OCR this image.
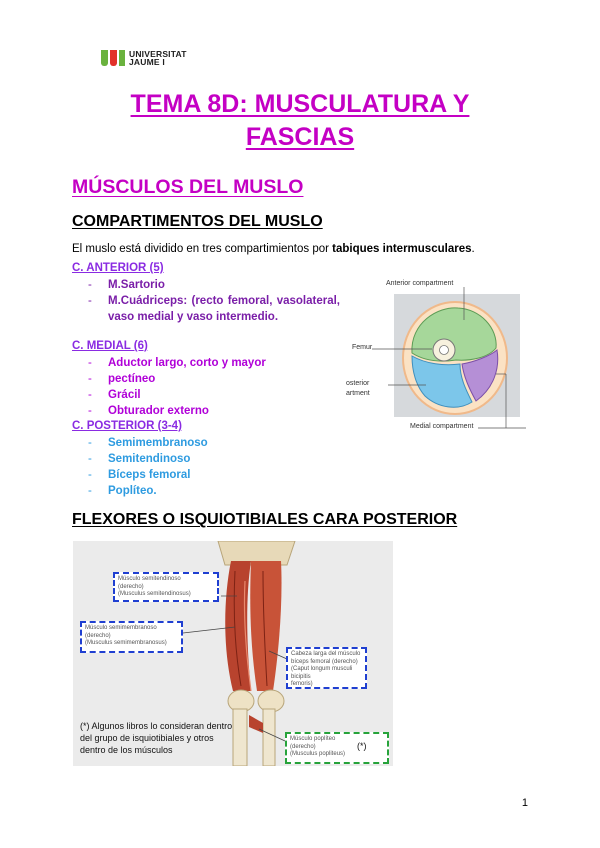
UNIVERSITAT
JAUME I
TEMA 8D: MUSCULATURA Y
FASCIAS
MÚSCULOS DEL MUSLO
COMPARTIMENTOS DEL MUSLO
El muslo está dividido en tres compartimientos por tabiques intermusculares.
C. ANTERIOR (5)
- M.Sartorio
- M.Cuádriceps: (recto femoral, vasolateral, vaso medial y vaso intermedio.
C. MEDIAL (6)
- Aductor largo, corto y mayor
- pectíneo
- Grácil
- Obturador externo
C. POSTERIOR (3-4)
- Semimembranoso
- Semitendinoso
- Bíceps femoral
- Poplíteo.
Anterior compartment
Femur
osterior
artment
Medial compartment
FLEXORES O ISQUIOTIBIALES CARA POSTERIOR
Músculo semitendinoso
(derecho)
(Musculus semitendinosus)
Músculo semimembranoso
(derecho)
(Musculus semimembranosus)
Cabeza larga del músculo
bíceps femoral (derecho)
(Caput longum musculi bicipitis
femoris)
Músculo poplíteo
(derecho)
(Musculus popliteus)
(*) Algunos libros lo consideran dentro del grupo de isquiotibiales y otros dentro de los músculos	(*)
1
